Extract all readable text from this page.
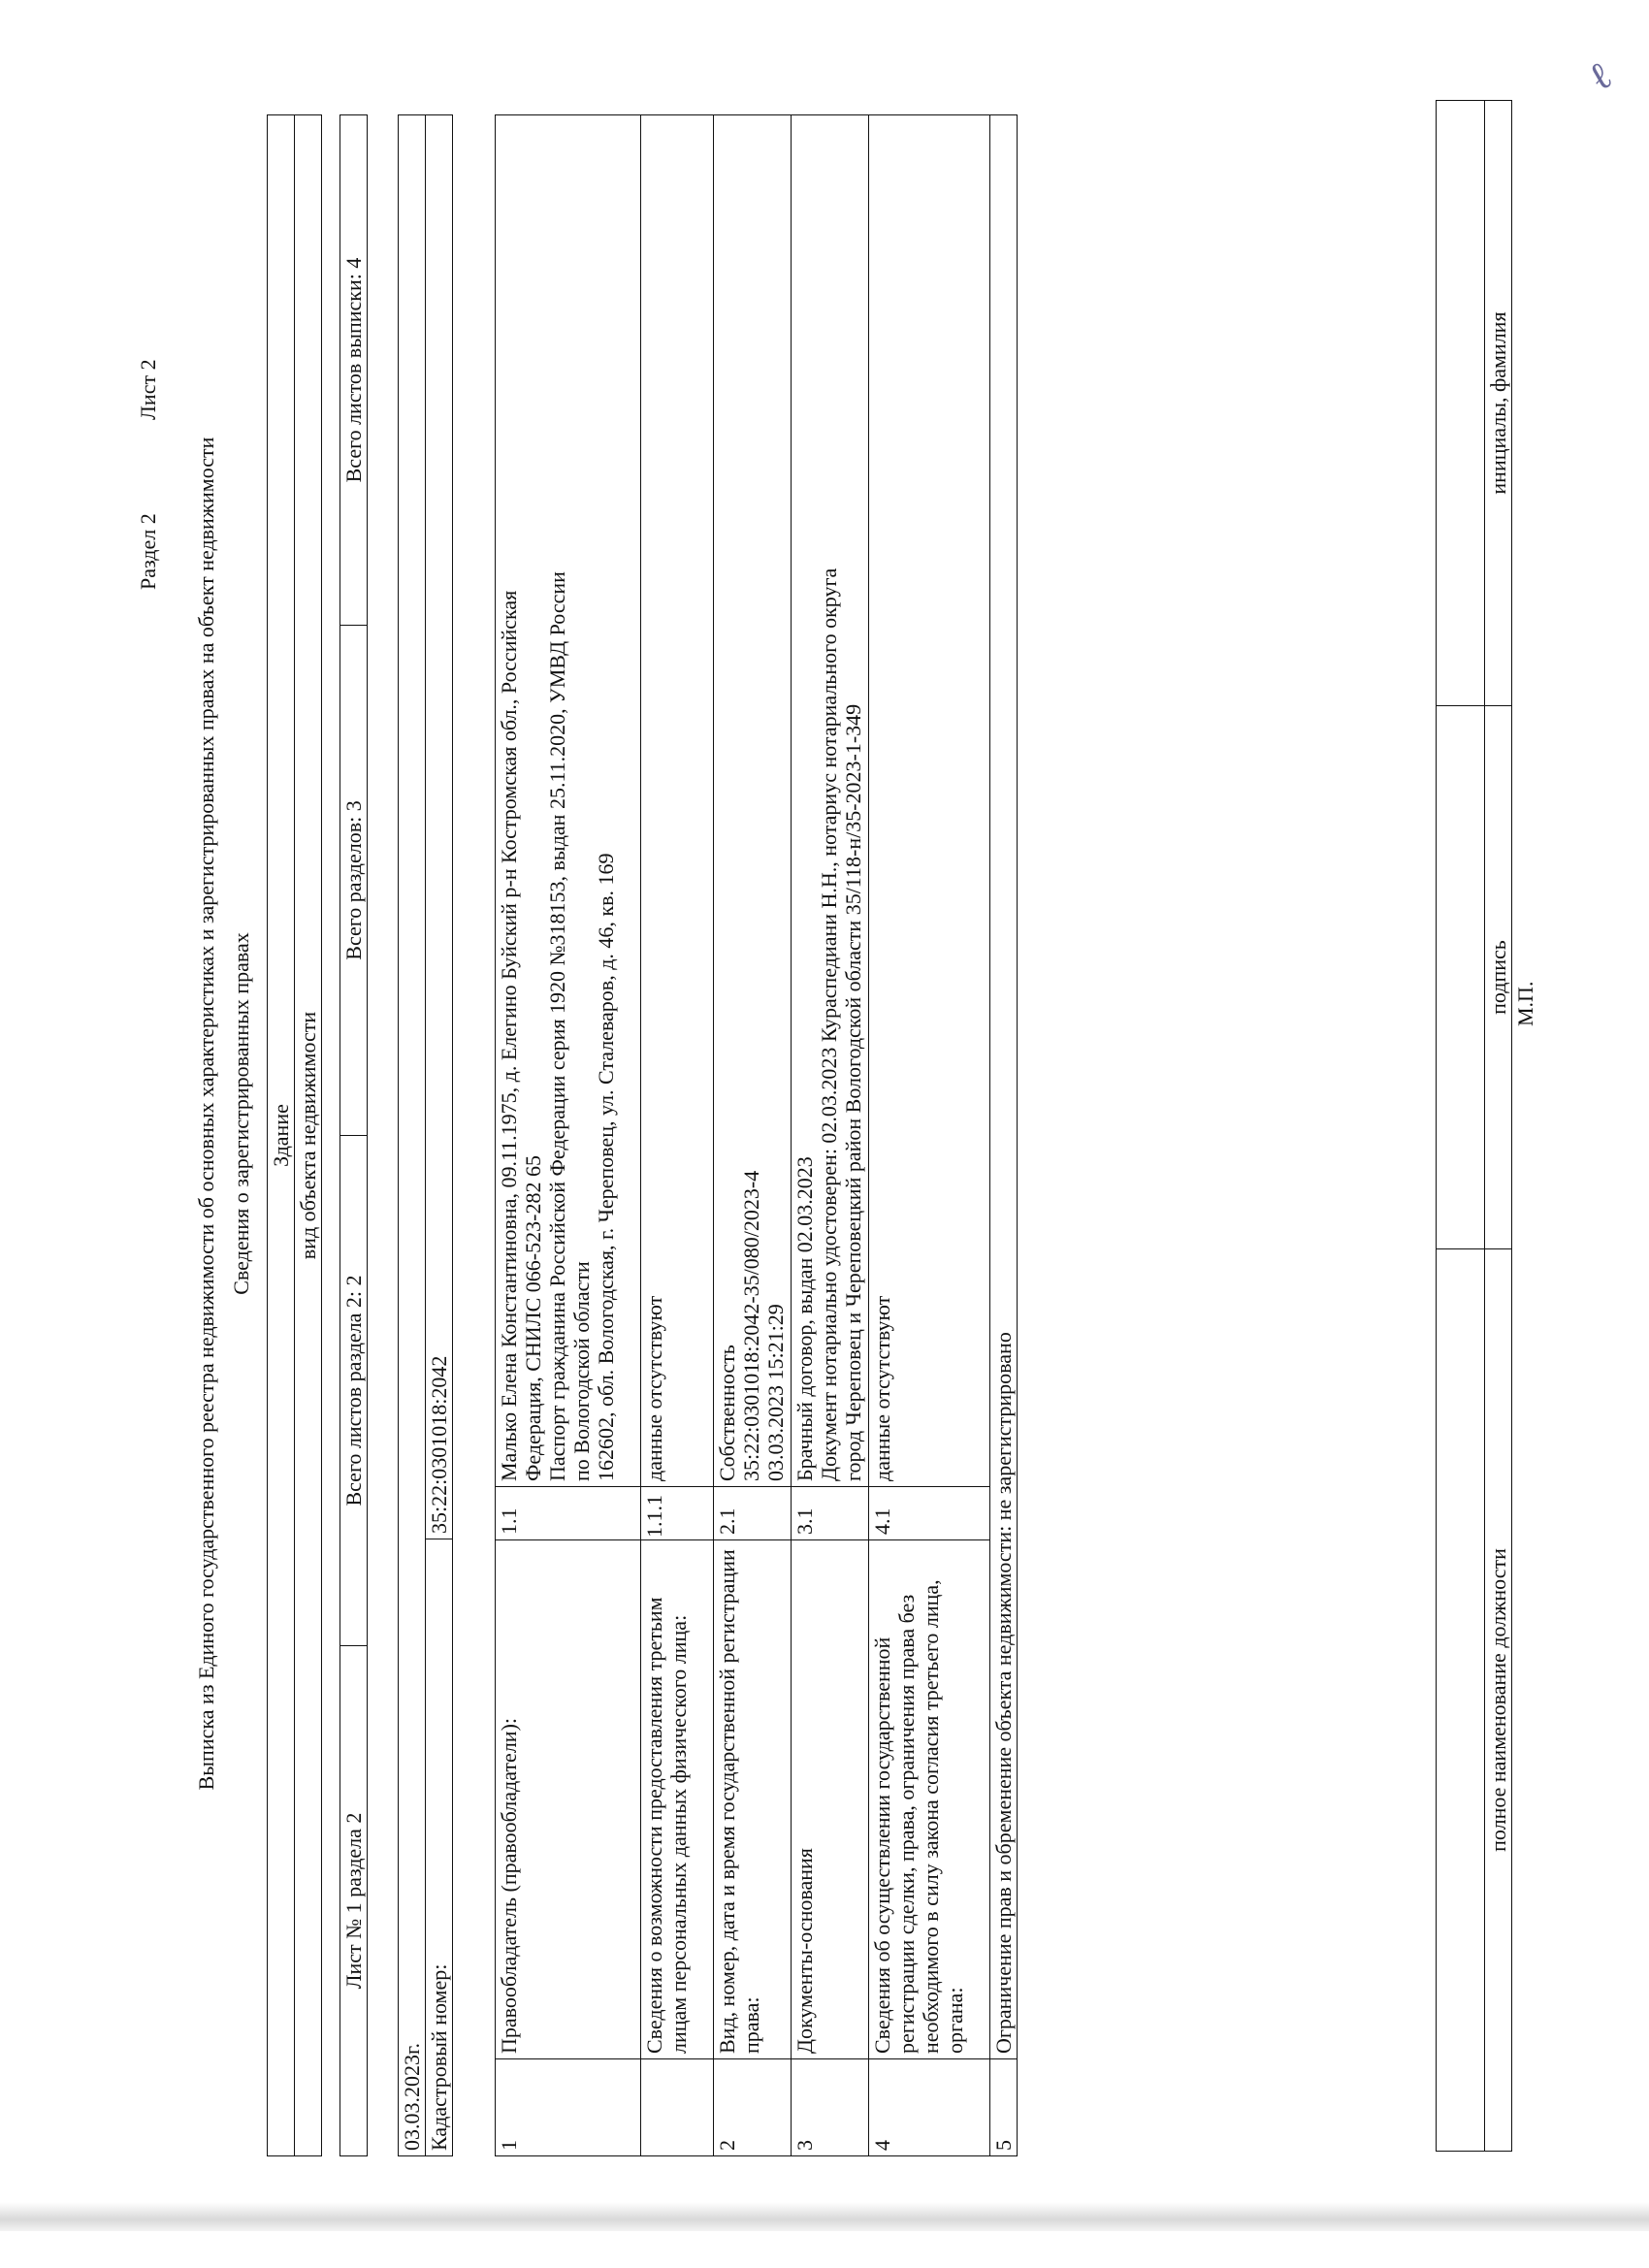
ℓ
Раздел 2
Лист 2
Выписка из Единого государственного реестра недвижимости об основных характеристиках и зарегистрированных правах на объект недвижимости Сведения о зарегистрированных правах Здание
вид объекта недвижимости
Лист № 1 раздела 2	Всего листов раздела 2: 2	Всего разделов: 3	Всего листов выписки: 4
03.03.2023г.
Кадастровый номер:	35:22:0301018:2042
1	Правообладатель (правообладатели):	1.1	Малько Елена Константиновна, 09.11.1975, д. Елегино Буйский р-н Костромская обл., Российская Федерация, СНИЛС 066-523-282 65 Паспорт гражданина Российской Федерации серия 1920 №318153, выдан 25.11.2020, УМВД России по Вологодской области 162602, обл. Вологодская, г. Череповец, ул. Сталеваров, д. 46, кв. 169

	Сведения о возможности предоставления третьим лицам персональных данных физического лица:	1.1.1	данные отсутствуют
2	Вид, номер, дата и время государственной регистрации права:	2.1	Собственность 35:22:0301018:2042-35/080/2023-4 03.03.2023 15:21:29

3	Документы-основания	3.1	Брачный договор, выдан 02.03.2023 Документ нотариально удостоверен: 02.03.2023 Кураспедиани Н.Н., нотариус нотариального округа город Череповец и Череповецкий район Вологодской области 35/118-н/35-2023-1-349

4	Сведения об осуществлении государственной регистрации сделки, права, ограничения права без необходимого в силу закона согласия третьего лица, органа:	4.1	данные отсутствуют
5	Ограничение прав и обременение объекта недвижимости: не зарегистрировано		

полное наименование должности	подпись	инициалы, фамилия
М.П.
